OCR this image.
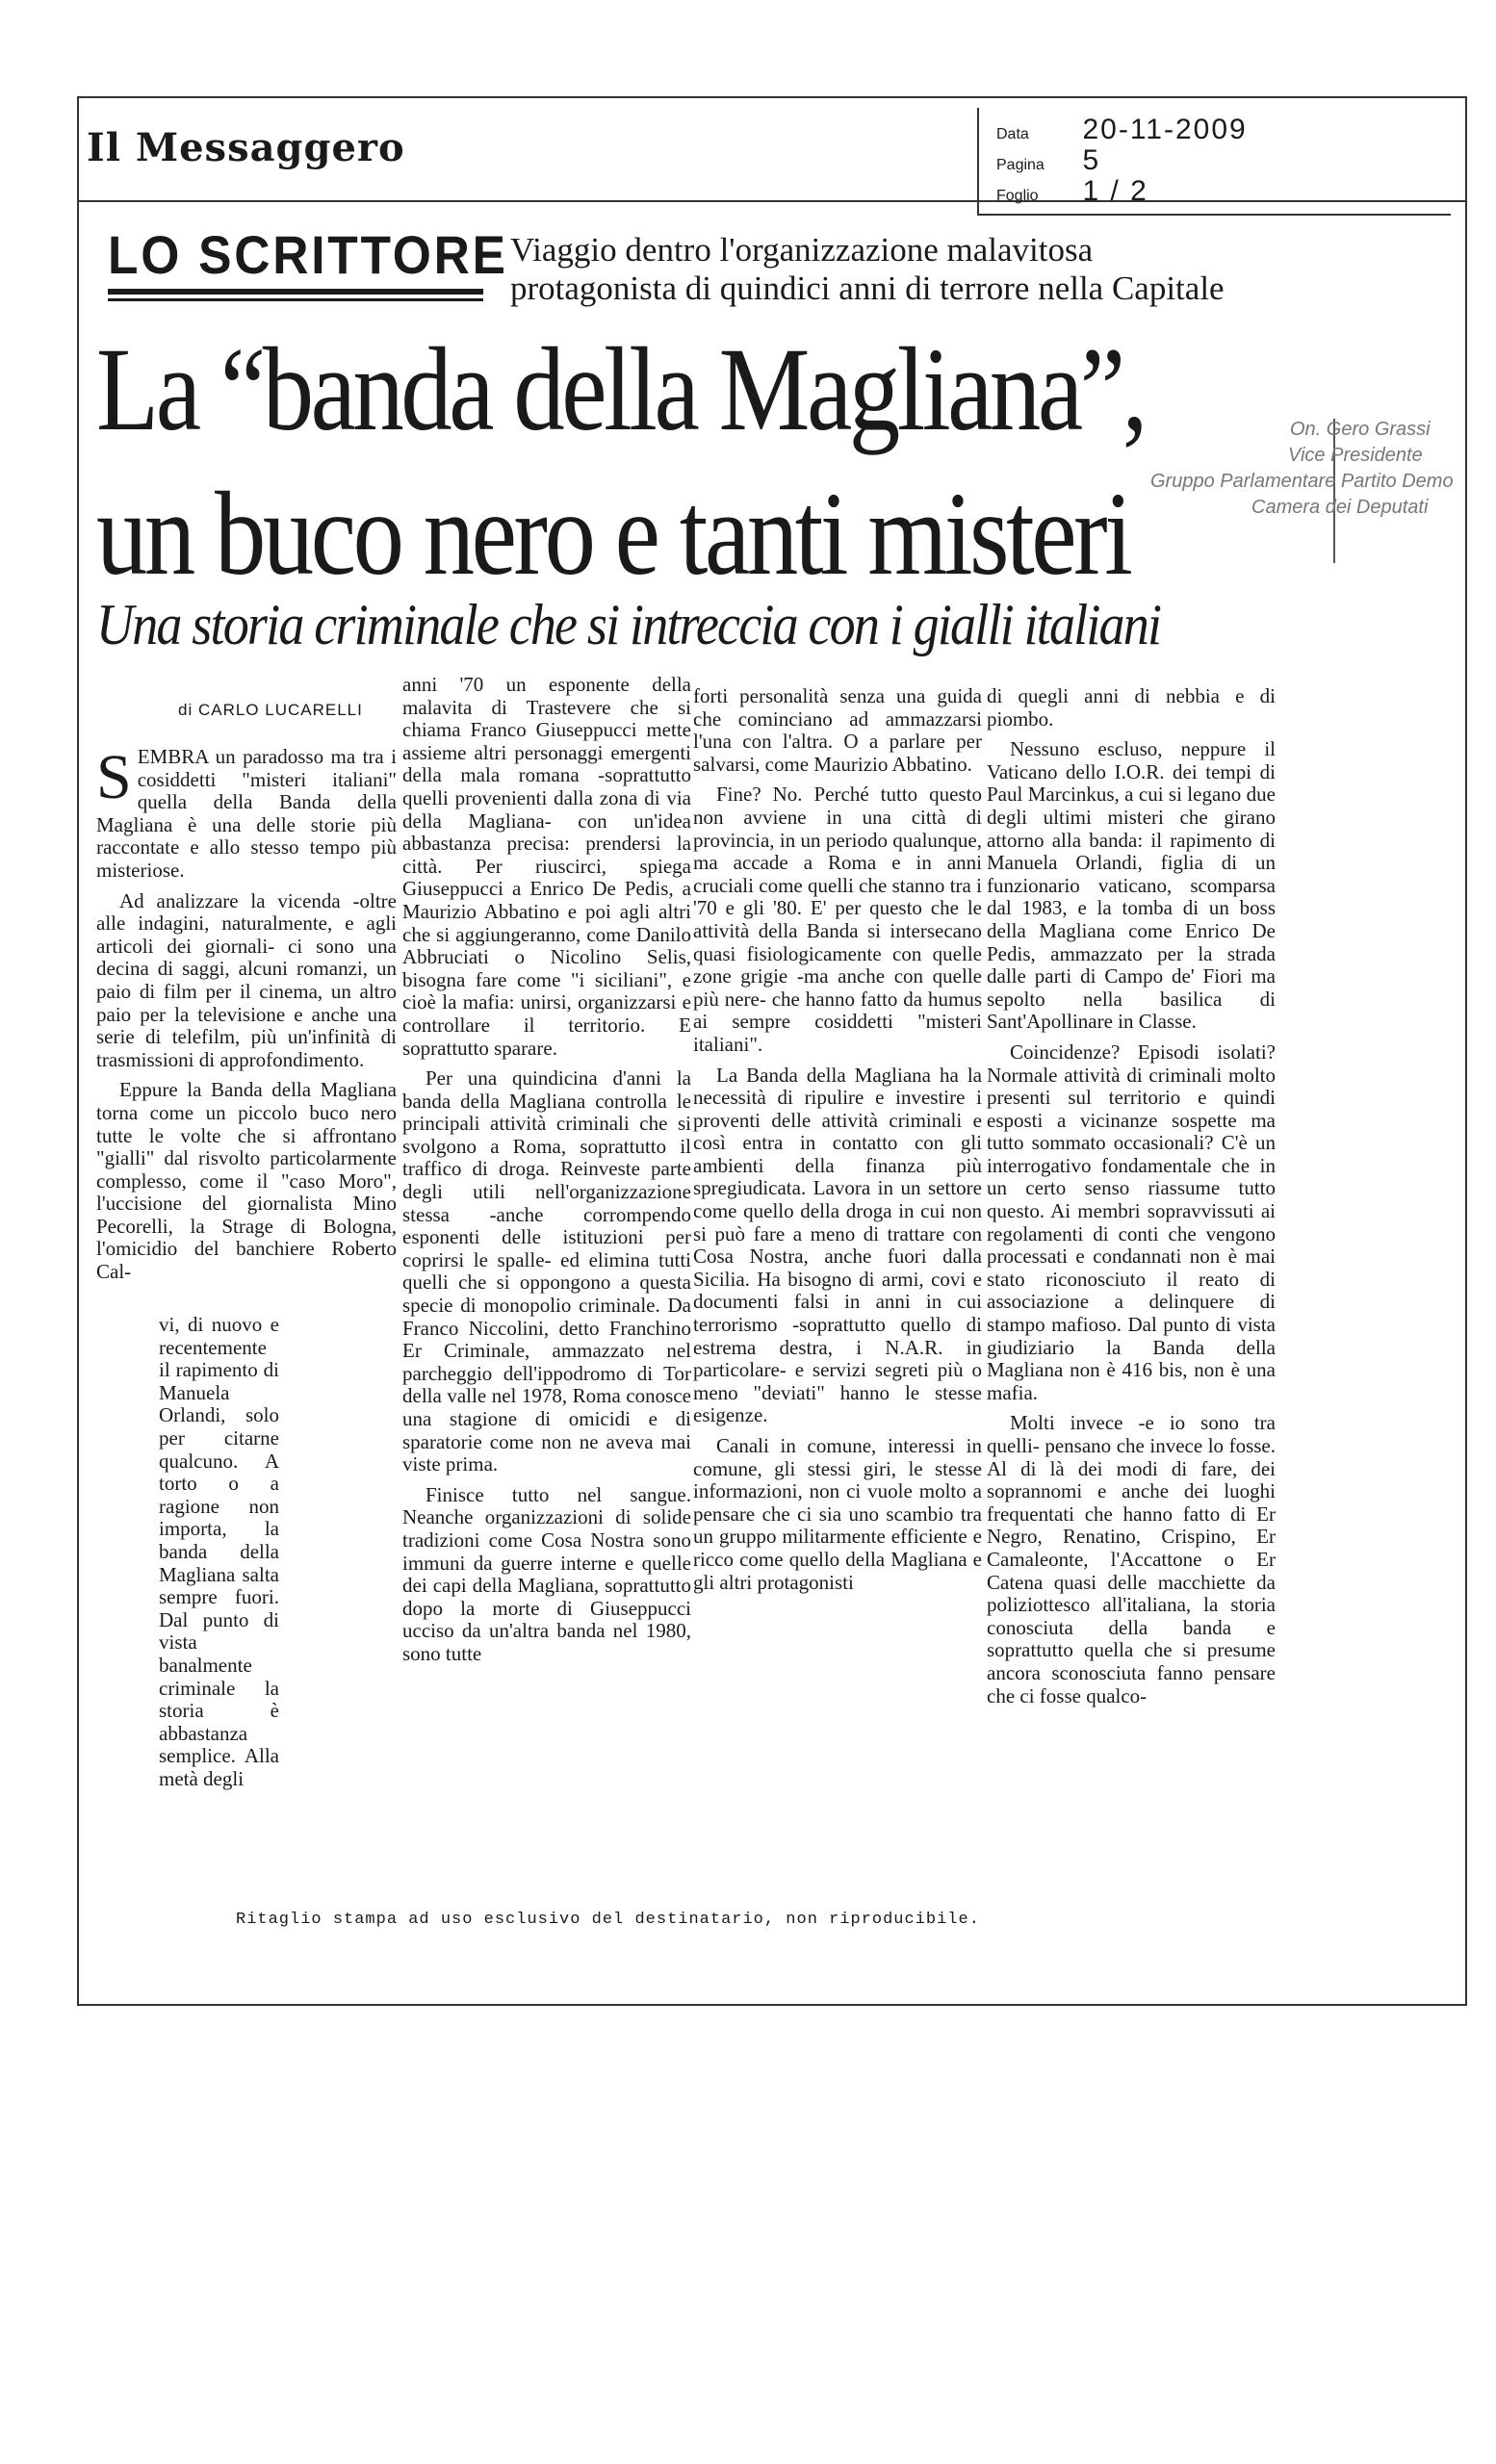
Il Messaggero	Data 20-11-2009
Pagina 5
Foglio 1 / 2
LO SCRITTORE Viaggio dentro l'organizzazione malavitosa
protagonista di quindici anni di terrore nella Capitale
La “banda della Magliana”,
un buco nero e tanti misteri
Una storia criminale che si intreccia con i gialli italiani
On. Gero Grassi
Vice Presidente
Gruppo Parlamentare Partito Demo
Camera dei Deputati
di CARLO LUCARELLI

SEMBRA un paradosso ma tra i cosiddetti "misteri italiani" quella della Banda della Magliana è una delle storie più raccontate e allo stesso tempo più misteriose.

Ad analizzare la vicenda -oltre alle indagini, naturalmente, e agli articoli dei giornali- ci sono una decina di saggi, alcuni romanzi, un paio di film per il cinema, un altro paio per la televisione e anche una serie di telefilm, più un'infinità di trasmissioni di approfondimento.

Eppure la Banda della Magliana torna come un piccolo buco nero tutte le volte che si affrontano "gialli" dal risvolto particolarmente complesso, come il "caso Moro", l'uccisione del giornalista Mino Pecorelli, la Strage di Bologna, l'omicidio del banchiere Roberto Cal-

vi, di nuovo e recentemente il rapimento di Manuela Orlandi, solo per citarne qualcuno. A torto o a ragione non importa, la banda della Magliana salta sempre fuori. Dal punto di vista banalmente criminale la storia è abbastanza semplice. Alla metà degli

anni '70 un esponente della malavita di Trastevere che si chiama Franco Giuseppucci mette assieme altri personaggi emergenti della mala romana -soprattutto quelli provenienti dalla zona di via della Magliana- con un'idea abbastanza precisa: prendersi la città. Per riuscirci, spiega Giuseppucci a Enrico De Pedis, a Maurizio Abbatino e poi agli altri che si aggiungeranno, come Danilo Abbruciati o Nicolino Selis, bisogna fare come "i siciliani", e cioè la mafia: unirsi, organizzarsi e controllare il territorio. E soprattutto sparare.

Per una quindicina d'anni la banda della Magliana controlla le principali attività criminali che si svolgono a Roma, soprattutto il traffico di droga. Reinveste parte degli utili nell'organizzazione stessa -anche corrompendo esponenti delle istituzioni per coprirsi le spalle- ed elimina tutti quelli che si oppongono a questa specie di monopolio criminale. Da Franco Niccolini, detto Franchino Er Criminale, ammazzato nel parcheggio dell'ippodromo di Tor della valle nel 1978, Roma conosce una stagione di omicidi e di sparatorie come non ne aveva mai viste prima.

Finisce tutto nel sangue. Neanche organizzazioni di solide tradizioni come Cosa Nostra sono immuni da guerre interne e quelle dei capi della Magliana, soprattutto dopo la morte di Giuseppucci ucciso da un'altra banda nel 1980, sono tutte

forti personalità senza una guida che cominciano ad ammazzarsi l'una con l'altra. O a parlare per salvarsi, come Maurizio Abbatino.

Fine? No. Perché tutto questo non avviene in una città di provincia, in un periodo qualunque, ma accade a Roma e in anni cruciali come quelli che stanno tra i '70 e gli '80. E' per questo che le attività della Banda si intersecano quasi fisiologicamente con quelle zone grigie -ma anche con quelle più nere- che hanno fatto da humus ai sempre cosiddetti "misteri italiani".

La Banda della Magliana ha la necessità di ripulire e investire i proventi delle attività criminali e così entra in contatto con gli ambienti della finanza più spregiudicata. Lavora in un settore come quello della droga in cui non si può fare a meno di trattare con Cosa Nostra, anche fuori dalla Sicilia. Ha bisogno di armi, covi e documenti falsi in anni in cui terrorismo -soprattutto quello di estrema destra, i N.A.R. in particolare- e servizi segreti più o meno "deviati" hanno le stesse esigenze.

Canali in comune, interessi in comune, gli stessi giri, le stesse informazioni, non ci vuole molto a pensare che ci sia uno scambio tra un gruppo militarmente efficiente e ricco come quello della Magliana e gli altri protagonisti

di quegli anni di nebbia e di piombo.

Nessuno escluso, neppure il Vaticano dello I.O.R. dei tempi di Paul Marcinkus, a cui si legano due degli ultimi misteri che girano attorno alla banda: il rapimento di Manuela Orlandi, figlia di un funzionario vaticano, scomparsa dal 1983, e la tomba di un boss della Magliana come Enrico De Pedis, ammazzato per la strada dalle parti di Campo de' Fiori ma sepolto nella basilica di Sant'Apollinare in Classe.

Coincidenze? Episodi isolati? Normale attività di criminali molto presenti sul territorio e quindi esposti a vicinanze sospette ma tutto sommato occasionali? C'è un interrogativo fondamentale che in un certo senso riassume tutto questo. Ai membri sopravvissuti ai regolamenti di conti che vengono processati e condannati non è mai stato riconosciuto il reato di associazione a delinquere di stampo mafioso. Dal punto di vista giudiziario la Banda della Magliana non è 416 bis, non è una mafia.

Molti invece -e io sono tra quelli- pensano che invece lo fosse. Al di là dei modi di fare, dei soprannomi e anche dei luoghi frequentati che hanno fatto di Er Negro, Renatino, Crispino, Er Camaleonte, l'Accattone o Er Catena quasi delle macchiette da poliziottesco all'italiana, la storia conosciuta della banda e soprattutto quella che si presume ancora sconosciuta fanno pensare che ci fosse qualco-

Ritaglio stampa ad uso esclusivo del destinatario, non riproducibile.
